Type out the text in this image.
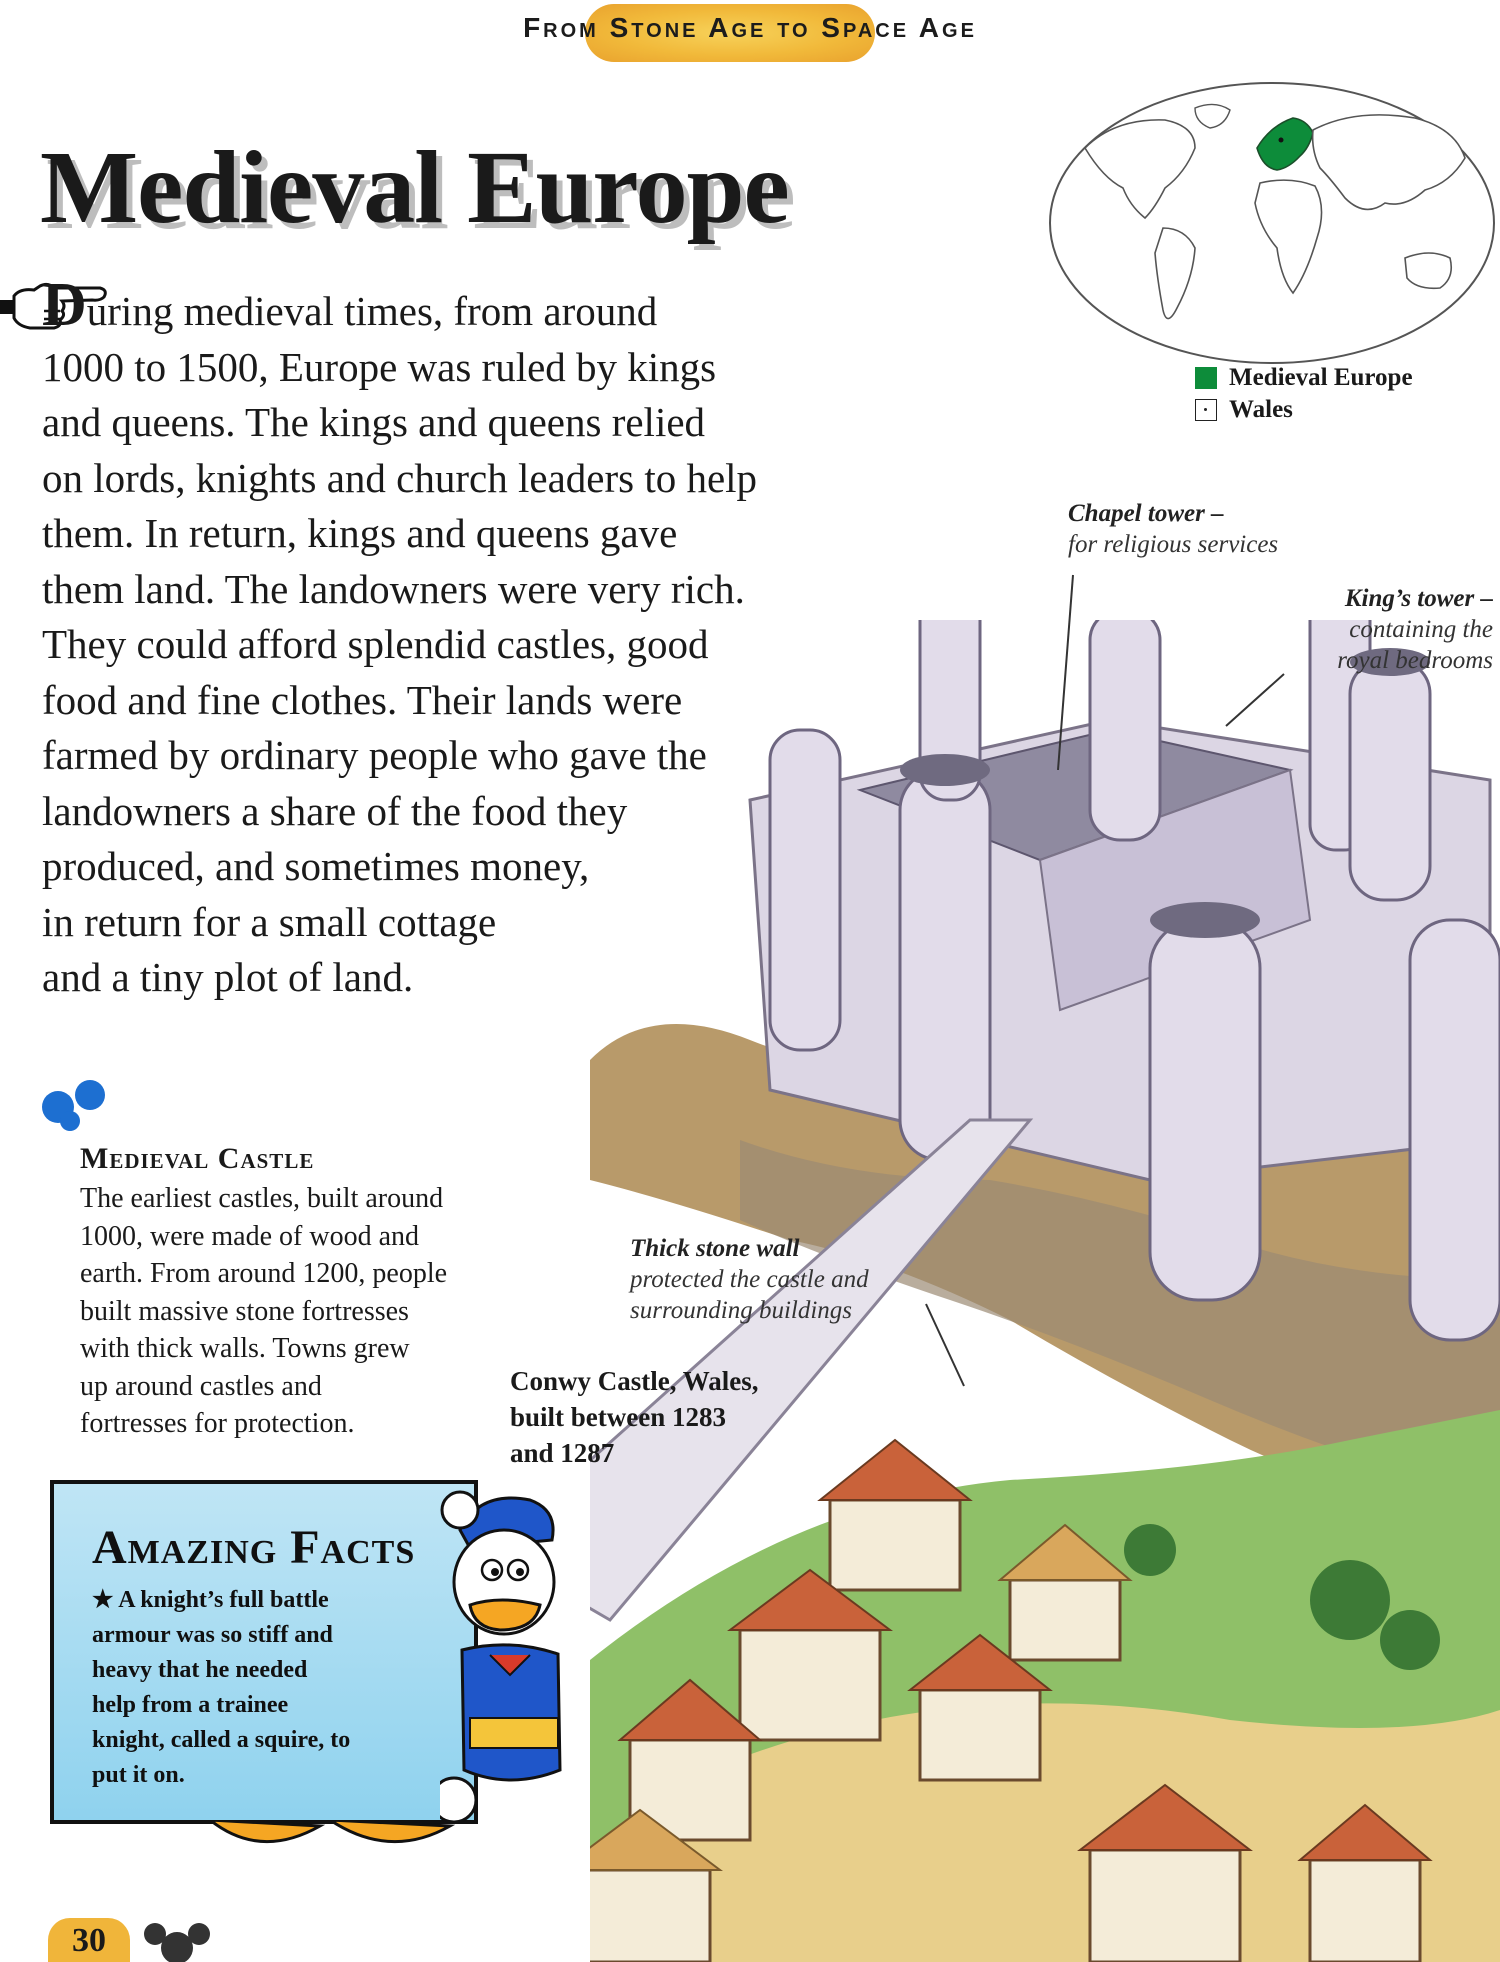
From Stone Age to Space Age
Medieval Europe
During medieval times, from around
1000 to 1500, Europe was ruled by kings
and queens. The kings and queens relied
on lords, knights and church leaders to help
them. In return, kings and queens gave
them land. The landowners were very rich.
They could afford splendid castles, good
food and fine clothes. Their lands were
farmed by ordinary people who gave the
landowners a share of the food they
produced, and sometimes money,
in return for a small cottage
and a tiny plot of land.
Medieval Europe
Wales
Chapel tower –
for religious services
King’s tower –
containing the
royal bedrooms
Thick stone wall
protected the castle and
surrounding buildings
Medieval Castle
The earliest castles, built around
1000, were made of wood and
earth. From around 1200, people
built massive stone fortresses
with thick walls. Towns grew
up around castles and
fortresses for protection.
Conwy Castle, Wales,
built between 1283
and 1287
Amazing Facts
★ A knight’s full battle
armour was so stiff and
heavy that he needed
help from a trainee
knight, called a squire, to
put it on.
30
